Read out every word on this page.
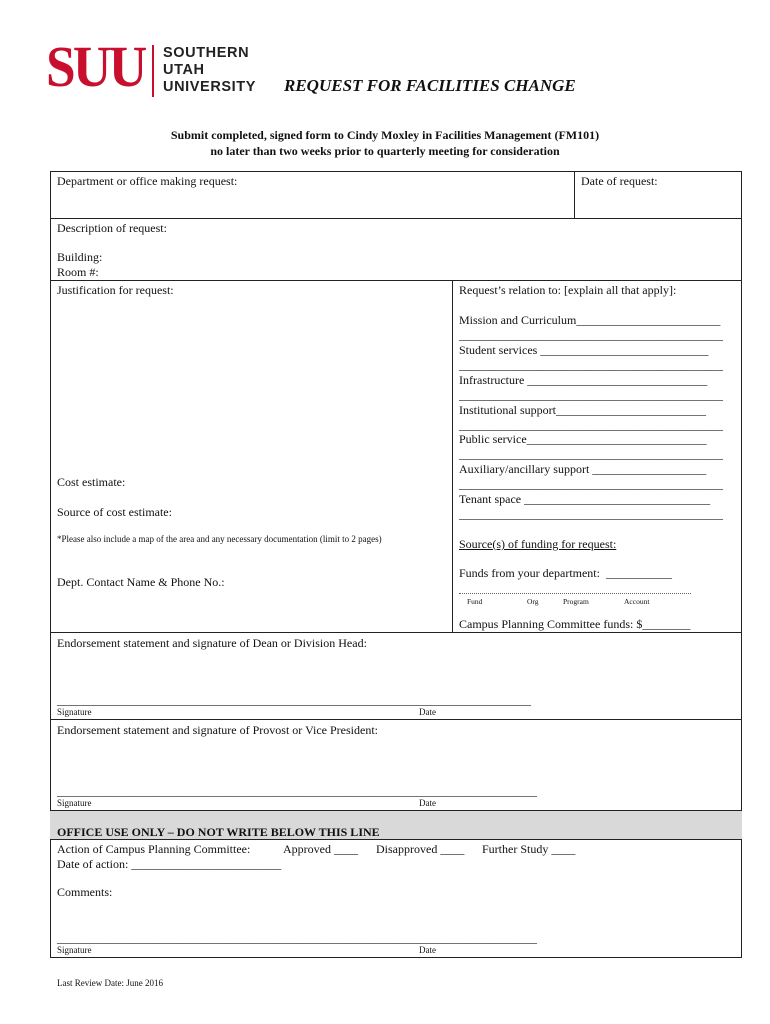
SUU SOUTHERN
UTAH
UNIVERSITY REQUEST FOR FACILITIES CHANGE
Submit completed, signed form to Cindy Moxley in Facilities Management (FM101)
no later than two weeks prior to quarterly meeting for consideration
Department or office making request:	Date of request:
Description of request:
Building:
Room #:
Justification for request:
Cost estimate:
Source of cost estimate:
*Please also include a map of the area and any necessary documentation (limit to 2 pages)
Dept. Contact Name & Phone No.:
Request’s relation to: [explain all that apply]:
Mission and Curriculum________________________
____________________________________________
Student services ____________________________
____________________________________________
Infrastructure ______________________________
____________________________________________
Institutional support_________________________
____________________________________________
Public service______________________________
____________________________________________
Auxiliary/ancillary support ___________________
____________________________________________
Tenant space _______________________________
____________________________________________
Source(s) of funding for request:
Funds from your department:  ___________
Fund	Org	Program	Account
Campus Planning Committee funds: $________
Endorsement statement and signature of Dean or Division Head:
_______________________________________________________________________________
Signature	Date
Endorsement statement and signature of Provost or Vice President:
________________________________________________________________________________
Signature	Date
OFFICE USE ONLY – DO NOT WRITE BELOW THIS LINE
Action of Campus Planning Committee:	Approved ____ Disapproved ____ Further Study ____
Date of action: _________________________
Comments:
________________________________________________________________________________
Signature	Date
Last Review Date: June 2016
